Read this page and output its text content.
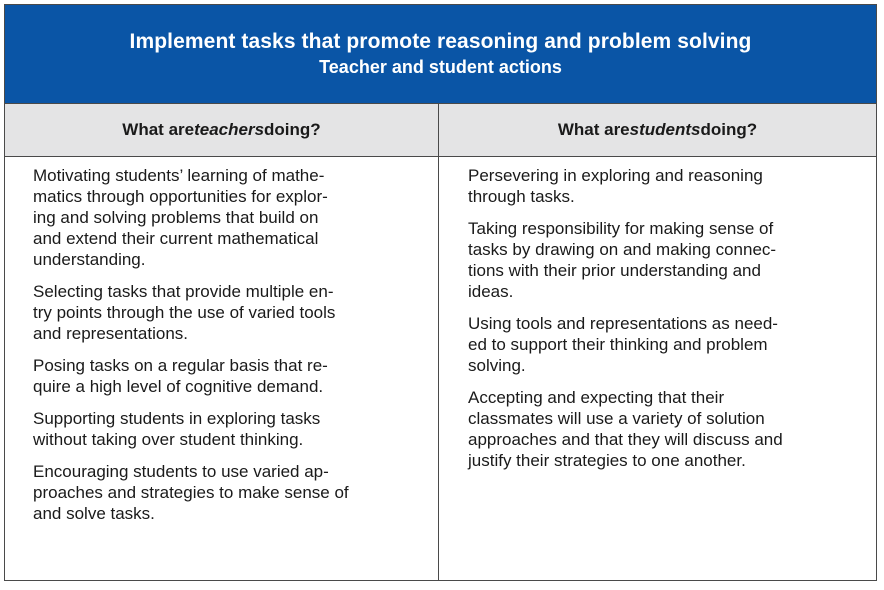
Implement tasks that promote reasoning and problem solving
Teacher and student actions
What are teachers doing?	What are students doing?
Motivating students’ learning of mathe-
matics through opportunities for explor-
ing and solving problems that build on
and extend their current mathematical
understanding.
Selecting tasks that provide multiple en-
try points through the use of varied tools
and representations.
Posing tasks on a regular basis that re-
quire a high level of cognitive demand.
Supporting students in exploring tasks
without taking over student thinking.
Encouraging students to use varied ap-
proaches and strategies to make sense of
and solve tasks.
Persevering in exploring and reasoning
through tasks.
Taking responsibility for making sense of
tasks by drawing on and making connec-
tions with their prior understanding and
ideas.
Using tools and representations as need-
ed to support their thinking and problem
solving.
Accepting and expecting that their
classmates will use a variety of solution
approaches and that they will discuss and
justify their strategies to one another.
